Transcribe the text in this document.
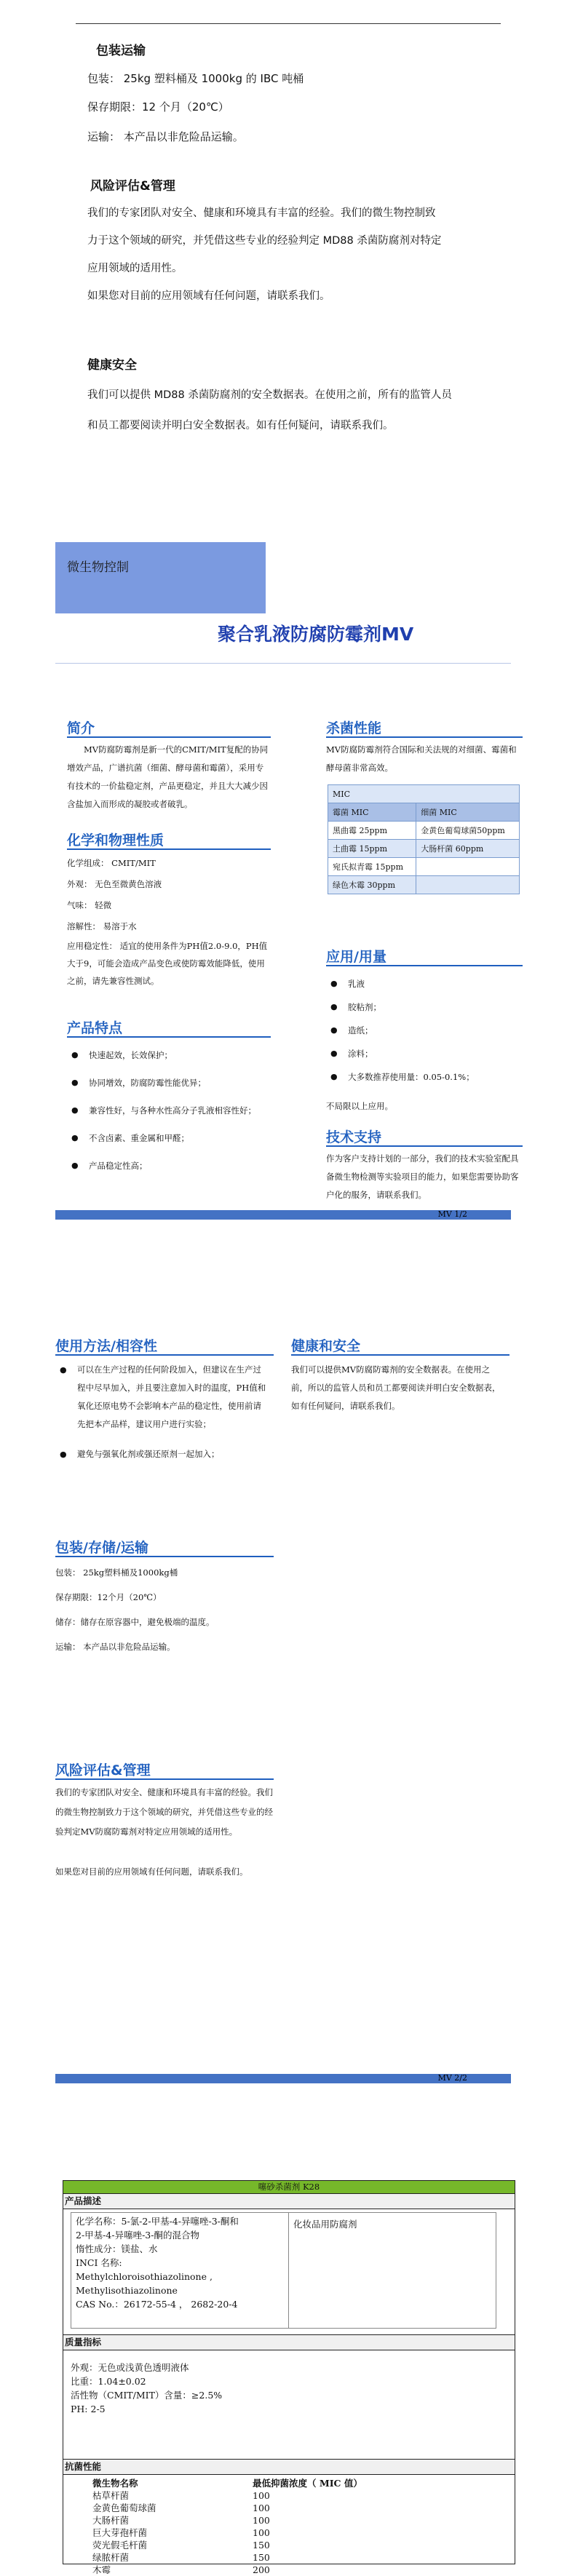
包装运输
包装： 25kg 塑料桶及 1000kg 的 IBC 吨桶
保存期限：12 个月（20℃）
运输： 本产品以非危险品运输。
风险评估&管理
我们的专家团队对安全、健康和环境具有丰富的经验。我们的微生物控制致
力于这个领域的研究，并凭借这些专业的经验判定 MD88 杀菌防腐剂对特定
应用领域的适用性。
如果您对目前的应用领域有任何问题，请联系我们。
健康安全
我们可以提供 MD88 杀菌防腐剂的安全数据表。在使用之前，所有的监管人员
和员工都要阅读并明白安全数据表。如有任何疑问，请联系我们。
微生物控制
聚合乳液防腐防霉剂MV
简介
MV防腐防霉剂是新一代的CMIT/MIT复配的协同增效产品，广谱抗菌（细菌、酵母菌和霉菌），采用专有技术的一价盐稳定剂，产品更稳定，并且大大减少因含盐加入而形成的凝胶或者破乳。
化学和物理性质
化学组成： CMIT/MIT
外观： 无色至微黄色溶液
气味： 轻微
溶解性： 易溶于水
应用稳定性： 适宜的使用条件为PH值2.0-9.0，PH值大于9，可能会造成产品变色或使防霉效能降低，使用之前，请先兼容性测试。
产品特点
● 快速起效，长效保护；
● 协同增效，防腐防霉性能优异；
● 兼容性好，与各种水性高分子乳液相容性好；
● 不含卤素、重金属和甲醛；
● 产品稳定性高；
杀菌性能
MV防腐防霉剂符合国际和关法规的对细菌、霉菌和酵母菌非常高效。
MIC	
霉菌 MIC	细菌 MIC
黑曲霉 25ppm	金黄色葡萄球菌50ppm
土曲霉 15ppm	大肠杆菌 60ppm
宛氏拟青霉 15ppm	
绿色木霉 30ppm	
应用/用量
● 乳液
● 胶粘剂；
● 造纸；
● 涂料；
● 大多数推荐使用量：0.05-0.1%；
不局限以上应用。
技术支持
作为客户支持计划的一部分，我们的技术实验室配具备微生物检测等实验项目的能力，如果您需要协助客户化的服务，请联系我们。
MV 1/2
使用方法/相容性
● 可以在生产过程的任何阶段加入，但建议在生产过程中尽早加入，并且要注意加入时的温度，PH值和氧化还原电势不会影响本产品的稳定性，使用前请先把本产品样，建议用户进行实验；
● 避免与强氧化剂或强还原剂一起加入；
健康和安全
我们可以提供MV防腐防霉剂的安全数据表。在使用之前，所以的监管人员和员工都要阅读并明白安全数据表，如有任何疑问，请联系我们。
包装/存储/运输
包装： 25kg塑料桶及1000kg桶
保存期限：12个月（20℃）
储存：储存在原容器中，避免极端的温度。
运输： 本产品以非危险品运输。
风险评估&管理
我们的专家团队对安全、健康和环境具有丰富的经验。我们的微生物控制致力于这个领域的研究，并凭借这些专业的经验判定MV防腐防霉剂对特定应用领域的适用性。
如果您对目前的应用领域有任何问题，请联系我们。
MV 2/2
噻砂杀菌剂 K28
产品描述
化学名称：5-氯-2-甲基-4-异噻唑-3-酮和
2-甲基-4-异噻唑-3-酮的混合物
惰性成分：镁盐、水
INCI 名称:
Methylchloroisothiazolinone ,
Methylisothiazolinone
CAS No.：26172-55-4 ， 2682-20-4
化妆品用防腐剂
质量指标
外观：无色或浅黄色透明液体
比重：1.04±0.02
活性物（CMIT/MIT）含量：≥2.5%
PH: 2-5
抗菌性能
微生物名称	最低抑菌浓度（ MIC 值）
枯草杆菌	100
金黄色葡萄球菌	100
大肠杆菌	100
巨大芽孢杆菌	100
荧光假毛杆菌	150
绿脓杆菌	150
木霉	200
